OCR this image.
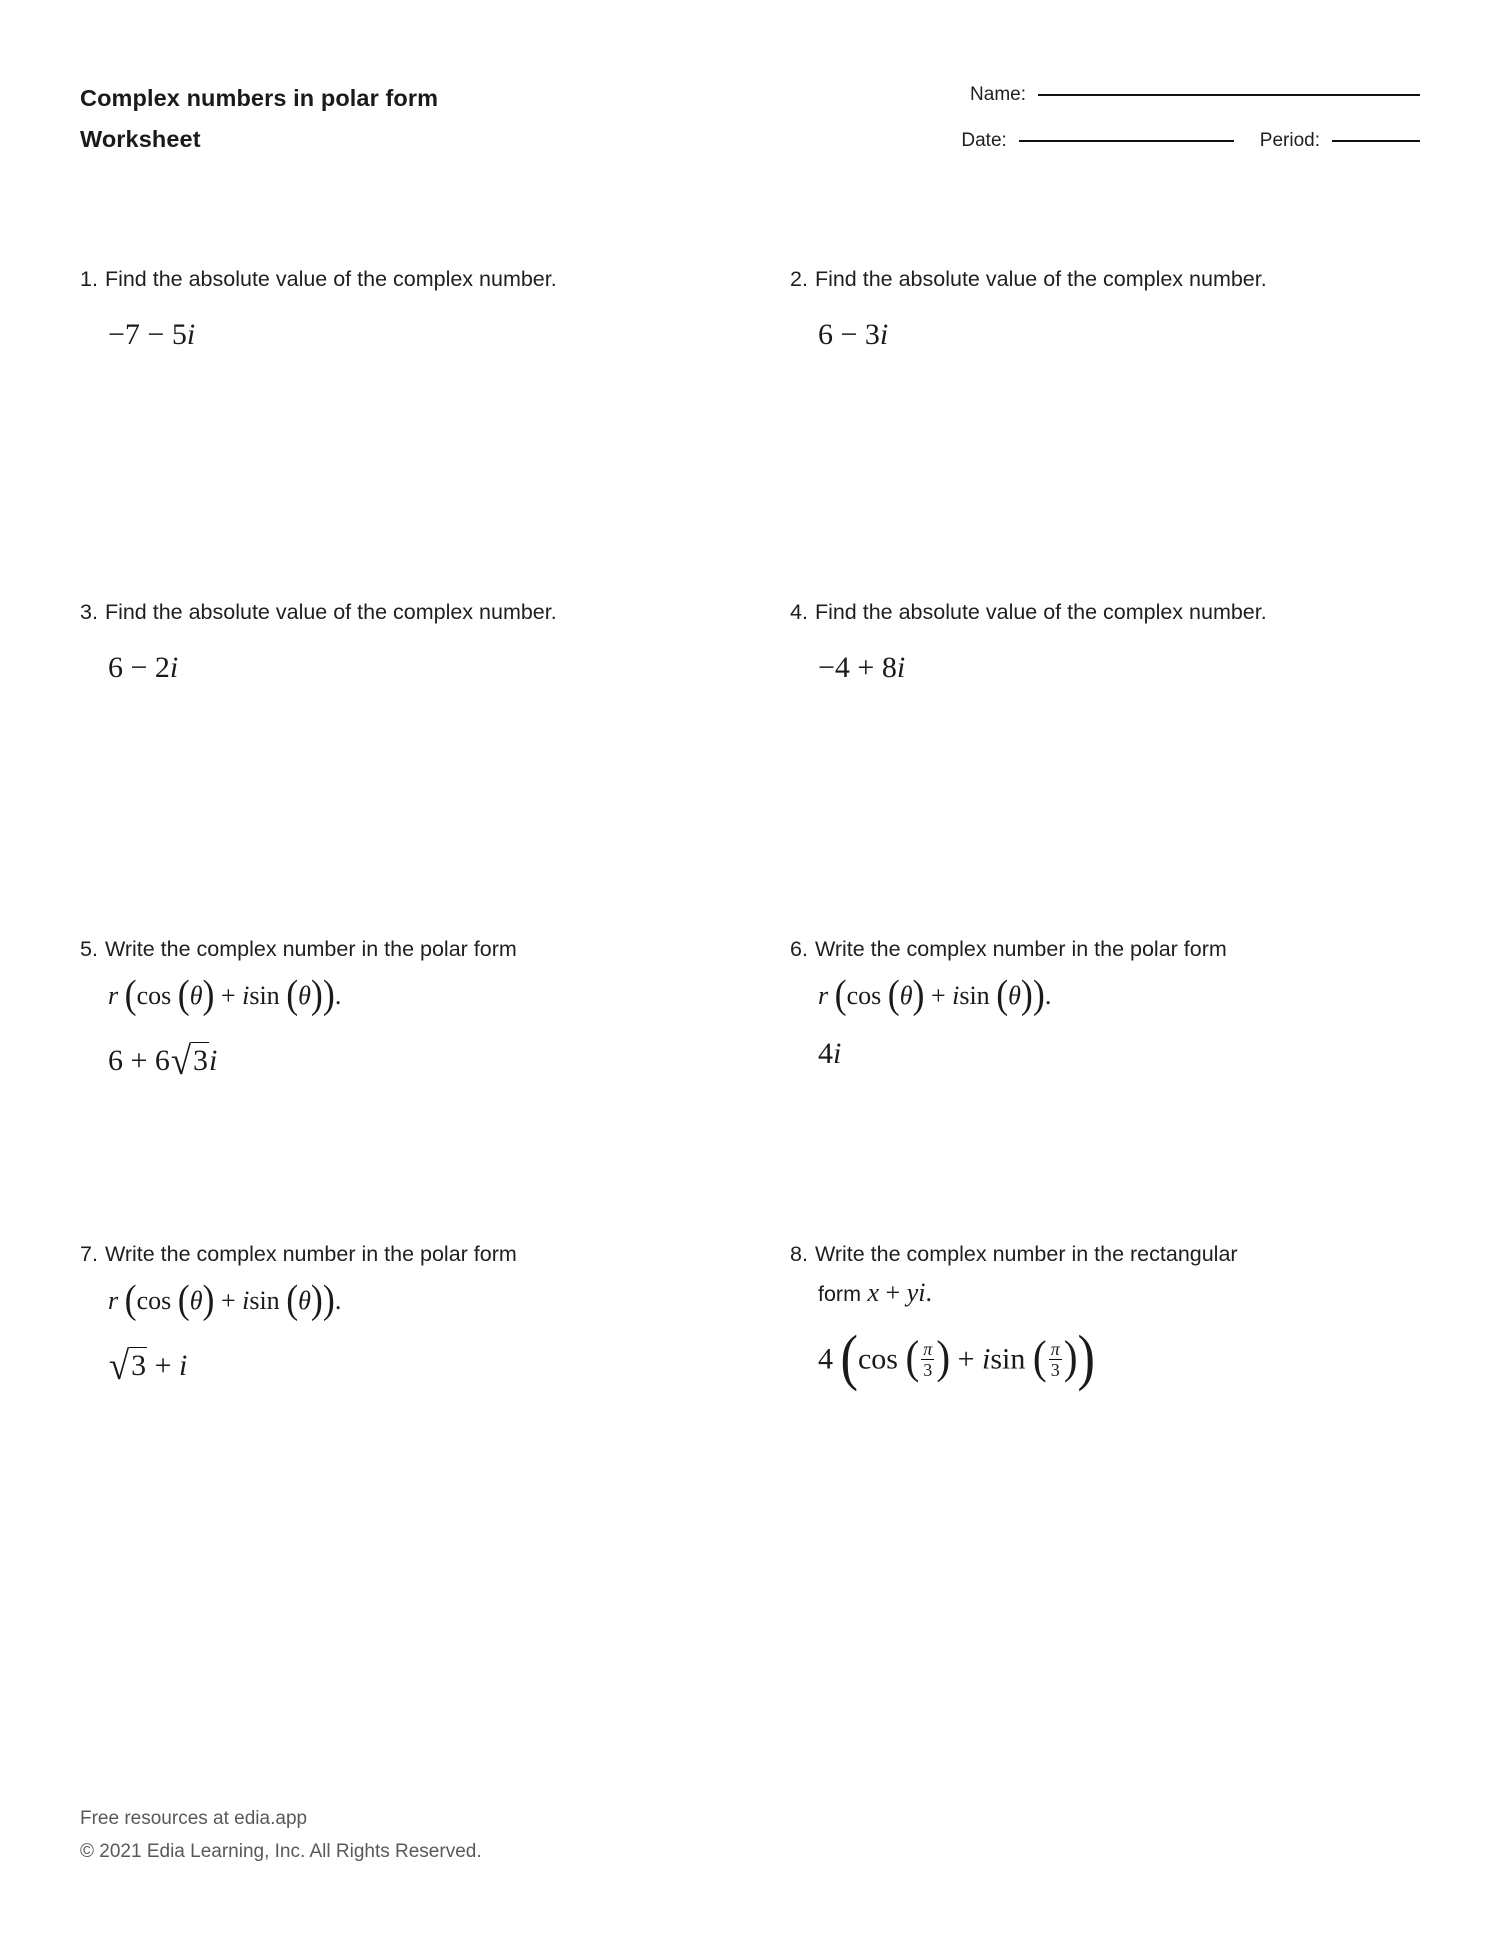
Complex numbers in polar form
Worksheet
Name:
Date:	Period:
1. Find the absolute value of the complex number.
−7 − 5i
2. Find the absolute value of the complex number.
6 − 3i
3. Find the absolute value of the complex number.
6 − 2i
4. Find the absolute value of the complex number.
−4 + 8i
5. Write the complex number in the polar form
r (cos (θ) + isin (θ)).
6 + 6√3i
6. Write the complex number in the polar form
r (cos (θ) + isin (θ)).
4i
7. Write the complex number in the polar form
r (cos (θ) + isin (θ)).
√3 + i
8. Write the complex number in the rectangular
form x + yi.
4 (cos ( $\frac{\pi}{3}$ ) + isin ( $\frac{\pi}{3}$ ))
Free resources at edia.app
© 2021 Edia Learning, Inc. All Rights Reserved.
